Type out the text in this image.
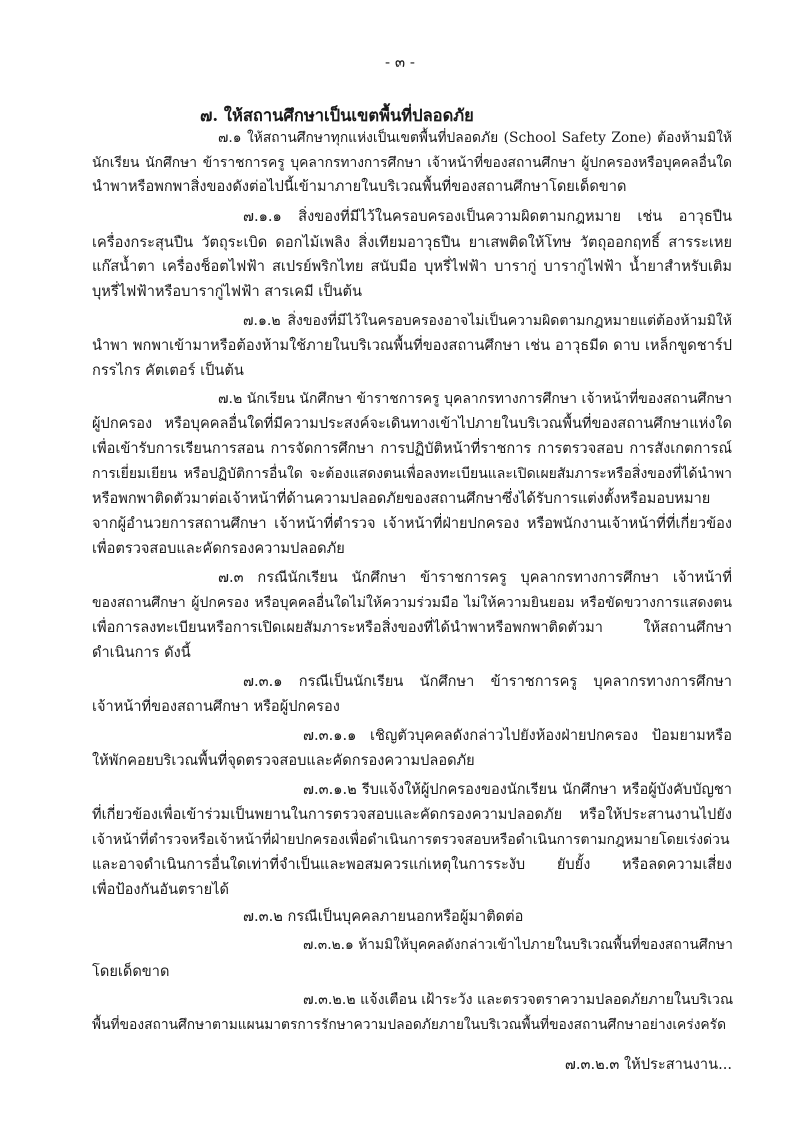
- ๓ -
๗. ให้สถานศึกษาเป็นเขตพื้นที่ปลอดภัย
๗.๑ ให้สถานศึกษาทุกแห่งเป็นเขตพื้นที่ปลอดภัย (School Safety Zone) ต้องห้ามมิให้
นักเรียน นักศึกษา ข้าราชการครู บุคลากรทางการศึกษา เจ้าหน้าที่ของสถานศึกษา ผู้ปกครองหรือบุคคลอื่นใด
นำพาหรือพกพาสิ่งของดังต่อไปนี้เข้ามาภายในบริเวณพื้นที่ของสถานศึกษาโดยเด็ดขาด
๗.๑.๑ สิ่งของที่มีไว้ในครอบครองเป็นความผิดตามกฎหมาย เช่น อาวุธปืน
เครื่องกระสุนปืน วัตถุระเบิด ดอกไม้เพลิง สิ่งเทียมอาวุธปืน ยาเสพติดให้โทษ วัตถุออกฤทธิ์ สารระเหย
แก๊สน้ำตา เครื่องช็อตไฟฟ้า สเปรย์พริกไทย สนับมือ บุหรี่ไฟฟ้า บารากู่ บารากู่ไฟฟ้า น้ำยาสำหรับเติม
บุหรี่ไฟฟ้าหรือบารากู่ไฟฟ้า สารเคมี เป็นต้น
๗.๑.๒ สิ่งของที่มีไว้ในครอบครองอาจไม่เป็นความผิดตามกฎหมายแต่ต้องห้ามมิให้
นำพา พกพาเข้ามาหรือต้องห้ามใช้ภายในบริเวณพื้นที่ของสถานศึกษา เช่น อาวุธมีด ดาบ เหล็กขูดชาร์ป
กรรไกร คัตเตอร์ เป็นต้น
๗.๒ นักเรียน นักศึกษา ข้าราชการครู บุคลากรทางการศึกษา เจ้าหน้าที่ของสถานศึกษา
ผู้ปกครอง หรือบุคคลอื่นใดที่มีความประสงค์จะเดินทางเข้าไปภายในบริเวณพื้นที่ของสถานศึกษาแห่งใด
เพื่อเข้ารับการเรียนการสอน การจัดการศึกษา การปฏิบัติหน้าที่ราชการ การตรวจสอบ การสังเกตการณ์
การเยี่ยมเยียน หรือปฏิบัติการอื่นใด จะต้องแสดงตนเพื่อลงทะเบียนและเปิดเผยสัมภาระหรือสิ่งของที่ได้นำพา
หรือพกพาติดตัวมาต่อเจ้าหน้าที่ด้านความปลอดภัยของสถานศึกษาซึ่งได้รับการแต่งตั้งหรือมอบหมาย
จากผู้อำนวยการสถานศึกษา เจ้าหน้าที่ตำรวจ เจ้าหน้าที่ฝ่ายปกครอง หรือพนักงานเจ้าหน้าที่ที่เกี่ยวข้อง
เพื่อตรวจสอบและคัดกรองความปลอดภัย
๗.๓ กรณีนักเรียน นักศึกษา ข้าราชการครู บุคลากรทางการศึกษา เจ้าหน้าที่
ของสถานศึกษา ผู้ปกครอง หรือบุคคลอื่นใดไม่ให้ความร่วมมือ ไม่ให้ความยินยอม หรือขัดขวางการแสดงตน
เพื่อการลงทะเบียนหรือการเปิดเผยสัมภาระหรือสิ่งของที่ได้นำพาหรือพกพาติดตัวมา ให้สถานศึกษา
ดำเนินการ ดังนี้
๗.๓.๑ กรณีเป็นนักเรียน นักศึกษา ข้าราชการครู บุคลากรทางการศึกษา
เจ้าหน้าที่ของสถานศึกษา หรือผู้ปกครอง
๗.๓.๑.๑ เชิญตัวบุคคลดังกล่าวไปยังห้องฝ่ายปกครอง ป้อมยามหรือ
ให้พักคอยบริเวณพื้นที่จุดตรวจสอบและคัดกรองความปลอดภัย
๗.๓.๑.๒ รีบแจ้งให้ผู้ปกครองของนักเรียน นักศึกษา หรือผู้บังคับบัญชา
ที่เกี่ยวข้องเพื่อเข้าร่วมเป็นพยานในการตรวจสอบและคัดกรองความปลอดภัย หรือให้ประสานงานไปยัง
เจ้าหน้าที่ตำรวจหรือเจ้าหน้าที่ฝ่ายปกครองเพื่อดำเนินการตรวจสอบหรือดำเนินการตามกฎหมายโดยเร่งด่วน
และอาจดำเนินการอื่นใดเท่าที่จำเป็นและพอสมควรแก่เหตุในการระงับ ยับยั้ง หรือลดความเสี่ยง
เพื่อป้องกันอันตรายได้
๗.๓.๒ กรณีเป็นบุคคลภายนอกหรือผู้มาติดต่อ
๗.๓.๒.๑ ห้ามมิให้บุคคลดังกล่าวเข้าไปภายในบริเวณพื้นที่ของสถานศึกษา
โดยเด็ดขาด
๗.๓.๒.๒ แจ้งเตือน เฝ้าระวัง และตรวจตราความปลอดภัยภายในบริเวณ
พื้นที่ของสถานศึกษาตามแผนมาตรการรักษาความปลอดภัยภายในบริเวณพื้นที่ของสถานศึกษาอย่างเคร่งครัด
๗.๓.๒.๓ ให้ประสานงาน...
